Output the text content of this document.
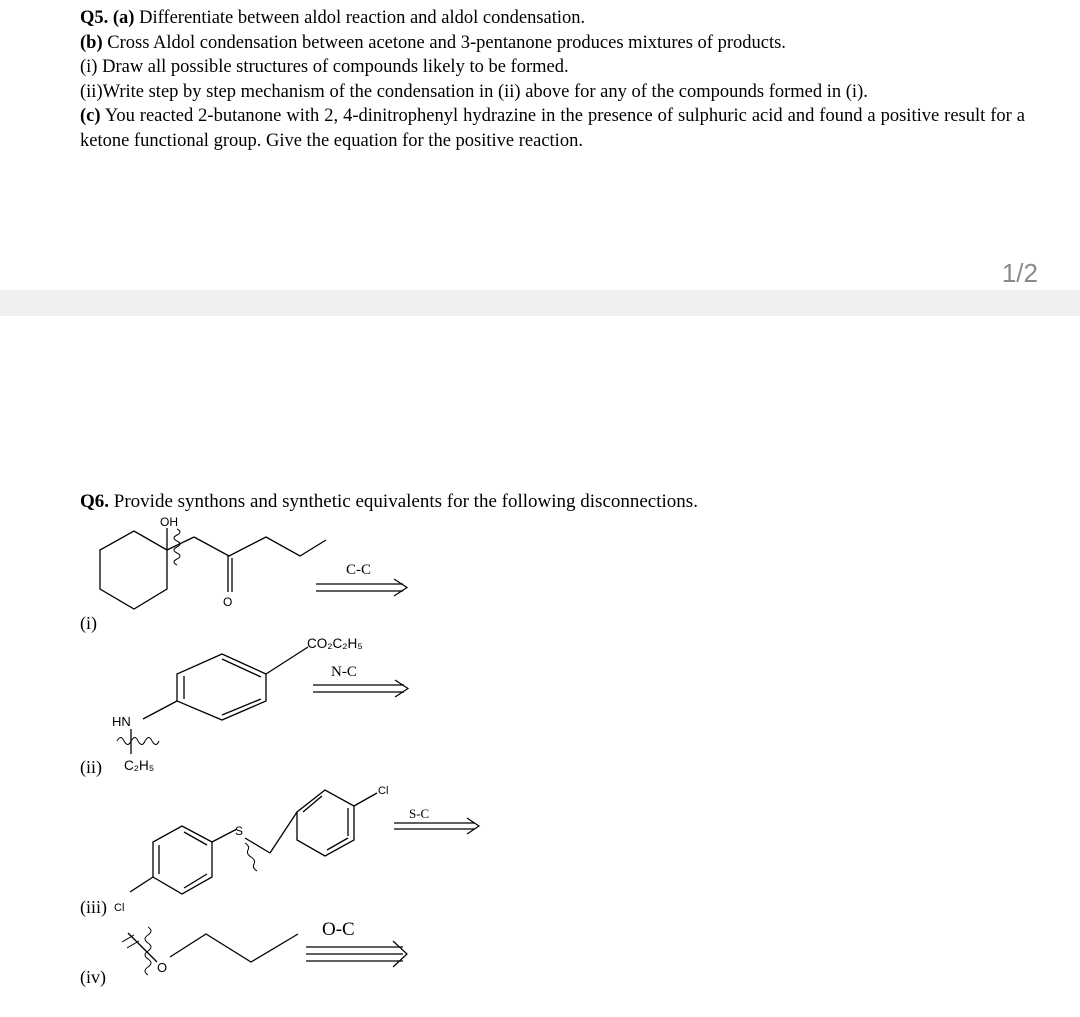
Q5. (a) Differentiate between aldol reaction and aldol condensation.

(b) Cross Aldol condensation between acetone and 3-pentanone produces mixtures of products.

(i) Draw all possible structures of compounds likely to be formed.

(ii)Write step by step mechanism of the condensation in (ii) above for any of the compounds formed in (i).

(c) You reacted 2-butanone with 2, 4-dinitrophenyl hydrazine in the presence of sulphuric acid and found a positive result for a ketone functional group. Give the equation for the positive reaction.

1/2
Q6. Provide synthons and synthetic equivalents for the following disconnections.
OH
O
(i)
C-C
CO₂C₂H₅
HN
C₂H₅
(ii)
N-C
S
Cl
Cl
(iii)
S-C
O
(iv)
O-C
